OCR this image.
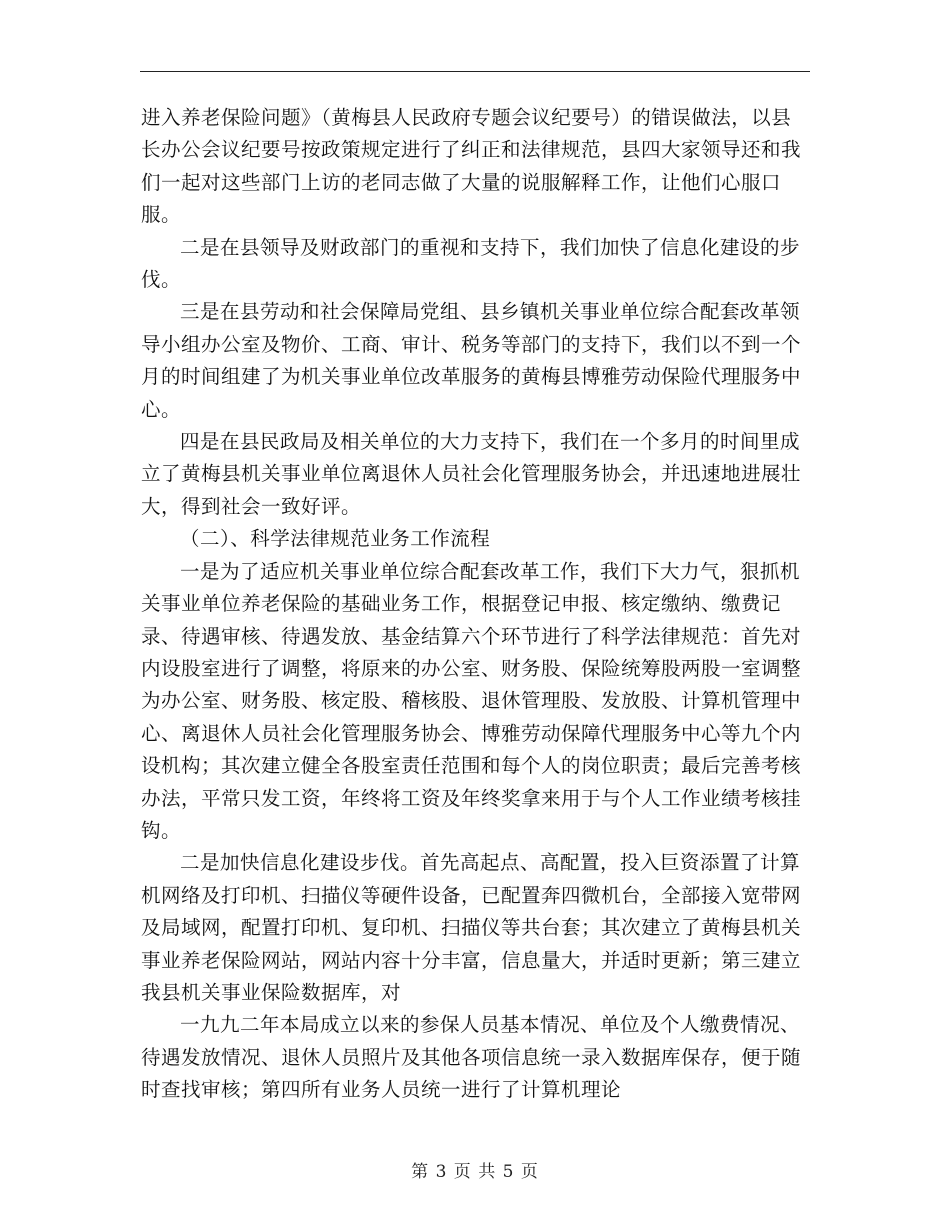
进入养老保险问题》（黄梅县人民政府专题会议纪要号）的错误做法，以县长办公会议纪要号按政策规定进行了纠正和法律规范，县四大家领导还和我们一起对这些部门上访的老同志做了大量的说服解释工作，让他们心服口服。

二是在县领导及财政部门的重视和支持下，我们加快了信息化建设的步伐。

三是在县劳动和社会保障局党组、县乡镇机关事业单位综合配套改革领导小组办公室及物价、工商、审计、税务等部门的支持下，我们以不到一个月的时间组建了为机关事业单位改革服务的黄梅县博雅劳动保险代理服务中心。

四是在县民政局及相关单位的大力支持下，我们在一个多月的时间里成立了黄梅县机关事业单位离退休人员社会化管理服务协会，并迅速地进展壮大，得到社会一致好评。

（二）、科学法律规范业务工作流程

一是为了适应机关事业单位综合配套改革工作，我们下大力气，狠抓机关事业单位养老保险的基础业务工作，根据登记申报、核定缴纳、缴费记录、待遇审核、待遇发放、基金结算六个环节进行了科学法律规范：首先对内设股室进行了调整，将原来的办公室、财务股、保险统筹股两股一室调整为办公室、财务股、核定股、稽核股、退休管理股、发放股、计算机管理中心、离退休人员社会化管理服务协会、博雅劳动保障代理服务中心等九个内设机构；其次建立健全各股室责任范围和每个人的岗位职责；最后完善考核办法，平常只发工资，年终将工资及年终奖拿来用于与个人工作业绩考核挂钩。

二是加快信息化建设步伐。首先高起点、高配置，投入巨资添置了计算机网络及打印机、扫描仪等硬件设备，已配置奔四微机台，全部接入宽带网及局域网，配置打印机、复印机、扫描仪等共台套；其次建立了黄梅县机关事业养老保险网站，网站内容十分丰富，信息量大，并适时更新；第三建立我县机关事业保险数据库，对

一九九二年本局成立以来的参保人员基本情况、单位及个人缴费情况、待遇发放情况、退休人员照片及其他各项信息统一录入数据库保存，便于随时查找审核；第四所有业务人员统一进行了计算机理论

第 3 页 共 5 页
